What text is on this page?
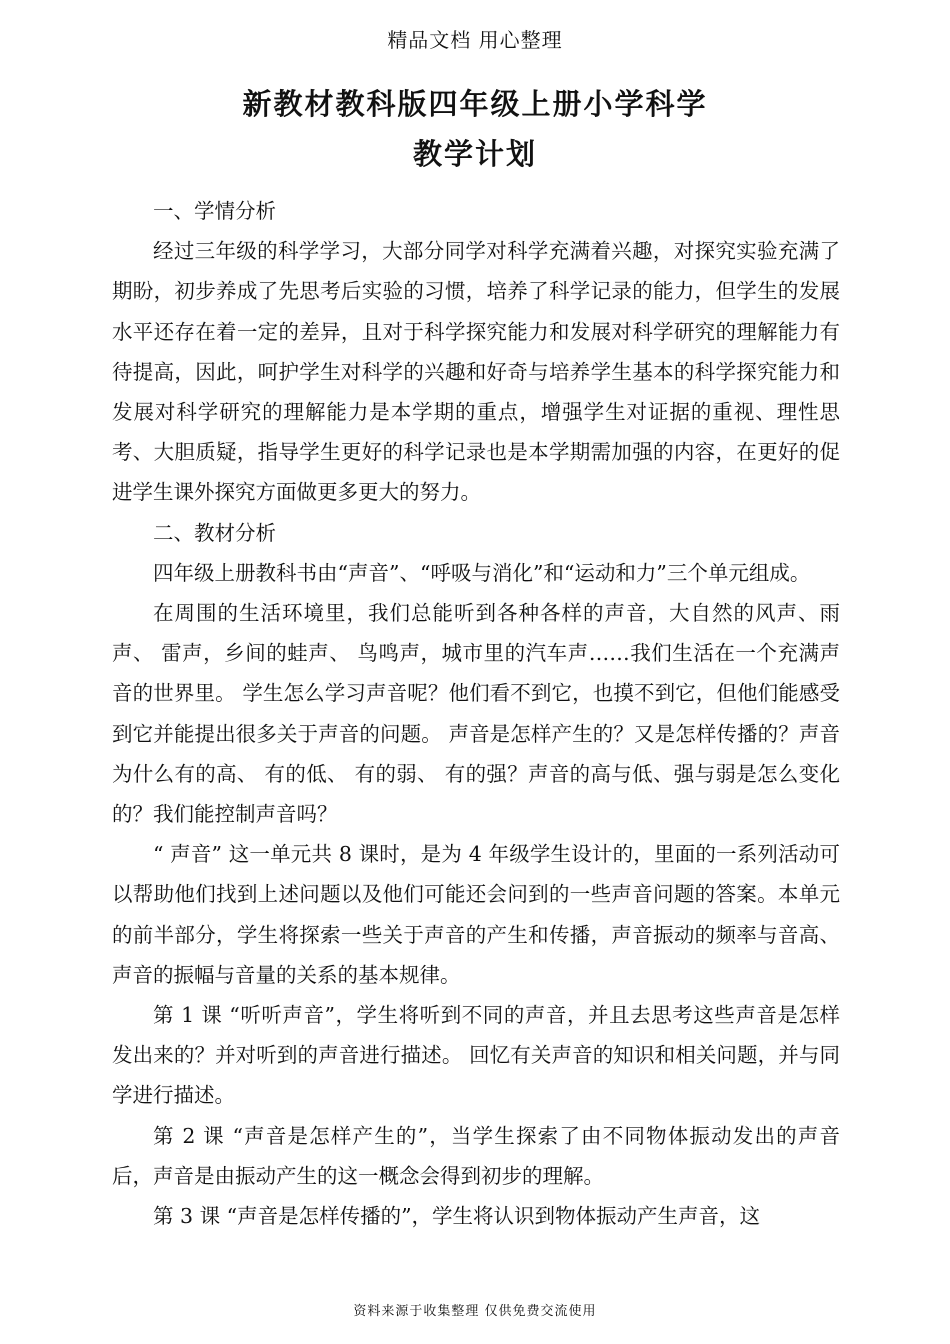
精品文档 用心整理
新教材教科版四年级上册小学科学
教学计划

一、学情分析

经过三年级的科学学习，大部分同学对科学充满着兴趣，对探究实验充满了期盼，初步养成了先思考后实验的习惯，培养了科学记录的能力，但学生的发展水平还存在着一定的差异，且对于科学探究能力和发展对科学研究的理解能力有待提高，因此，呵护学生对科学的兴趣和好奇与培养学生基本的科学探究能力和发展对科学研究的理解能力是本学期的重点，增强学生对证据的重视、理性思考、大胆质疑，指导学生更好的科学记录也是本学期需加强的内容，在更好的促进学生课外探究方面做更多更大的努力。

二、教材分析

四年级上册教科书由“声音”、“呼吸与消化”和“运动和力”三个单元组成。

在周围的生活环境里，我们总能听到各种各样的声音，大自然的风声、雨声、 雷声，乡间的蛙声、 鸟鸣声，城市里的汽车声……我们生活在一个充满声音的世界里。 学生怎么学习声音呢？他们看不到它，也摸不到它，但他们能感受到它并能提出很多关于声音的问题。 声音是怎样产生的？又是怎样传播的？声音为什么有的高、 有的低、 有的弱、 有的强？声音的高与低、强与弱是怎么变化的？我们能控制声音吗？

“ 声音” 这一单元共 8 课时，是为 4 年级学生设计的，里面的一系列活动可以帮助他们找到上述问题以及他们可能还会问到的一些声音问题的答案。本单元的前半部分，学生将探索一些关于声音的产生和传播，声音振动的频率与音高、 声音的振幅与音量的关系的基本规律。

第 1 课 “听听声音”，学生将听到不同的声音，并且去思考这些声音是怎样发出来的？并对听到的声音进行描述。 回忆有关声音的知识和相关问题，并与同学进行描述。

第 2 课 “声音是怎样产生的”，当学生探索了由不同物体振动发出的声音后，声音是由振动产生的这一概念会得到初步的理解。

第 3 课 “声音是怎样传播的”，学生将认识到物体振动产生声音，这

资料来源于收集整理 仅供免费交流使用
